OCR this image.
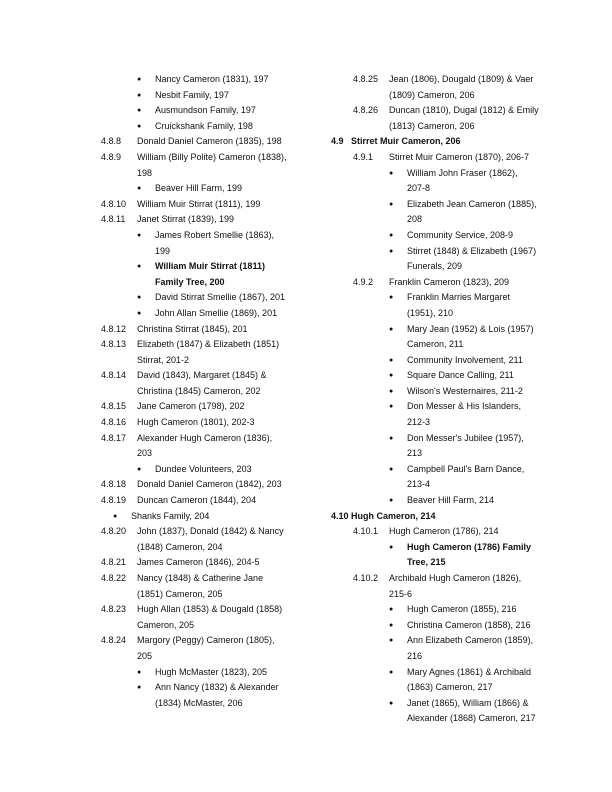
●	Nancy Cameron (1831), 197
●	Nesbit Family, 197
●	Ausmundson Family, 197
●	Cruickshank Family, 198
4.8.8	Donald Daniel Cameron (1835), 198
4.8.9	William (Billy Polite) Cameron (1838),
198
●	Beaver Hill Farm, 199
4.8.10	William Muir Stirrat (1811), 199
4.8.11	Janet Stirrat (1839), 199
●	James Robert Smellie (1863),
199
●	William Muir Stirrat (1811)
Family Tree, 200
●	David Stirrat Smellie (1867), 201
●	John Allan Smellie (1869), 201
4.8.12	Christina Stirrat (1845), 201
4.8.13	Elizabeth (1847) & Elizabeth (1851)
Stirrat, 201-2
4.8.14	David (1843), Margaret (1845) &
Christina (1845) Cameron, 202
4.8.15	Jane Cameron (1798), 202
4.8.16	Hugh Cameron (1801), 202-3
4.8.17	Alexander Hugh Cameron (1836),
203
●	Dundee Volunteers, 203
4.8.18	Donald Daniel Cameron (1842), 203
4.8.19	Duncan Cameron (1844), 204
●	Shanks Family, 204
4.8.20	John (1837), Donald (1842) & Nancy
(1848) Cameron, 204
4.8.21	James Cameron (1846), 204-5
4.8.22	Nancy (1848) & Catherine Jane
(1851) Cameron, 205
4.8.23	Hugh Allan (1853) & Dougald (1858)
Cameron, 205
4.8.24	Margory (Peggy) Cameron (1805),
205
●	Hugh McMaster (1823), 205
●	Ann Nancy (1832) & Alexander
(1834) McMaster, 206
4.8.25	Jean (1806), Dougald (1809) & Vaer
(1809) Cameron, 206
4.8.26	Duncan (1810), Dugal (1812) & Emily
(1813) Cameron, 206
4.9 Stirret Muir Cameron, 206
4.9.1	Stirret Muir Cameron (1870), 206-7
●	William John Fraser (1862),
207-8
●	Elizabeth Jean Cameron (1885),
208
●	Community Service, 208-9
●	Stirret (1848) & Elizabeth (1967)
Funerals, 209
4.9.2	Franklin Cameron (1823), 209
●	Franklin Marries Margaret
(1951), 210
●	Mary Jean (1952) & Lois (1957)
Cameron, 211
●	Community Involvement, 211
●	Square Dance Calling, 211
●	Wilson's Westernaires, 211-2
●	Don Messer & His Islanders,
212-3
●	Don Messer's Jubilee (1957),
213
●	Campbell Paul's Barn Dance,
213-4
●	Beaver Hill Farm, 214
4.10 Hugh Cameron, 214
4.10.1	Hugh Cameron (1786), 214
●	Hugh Cameron (1786) Family
Tree, 215
4.10.2	Archibald Hugh Cameron (1826),
215-6
●	Hugh Cameron (1855), 216
●	Christina Cameron (1858), 216
●	Ann Elizabeth Cameron (1859),
216
●	Mary Agnes (1861) & Archibald
(1863) Cameron, 217
●	Janet (1865), William (1866) &
Alexander (1868) Cameron, 217
